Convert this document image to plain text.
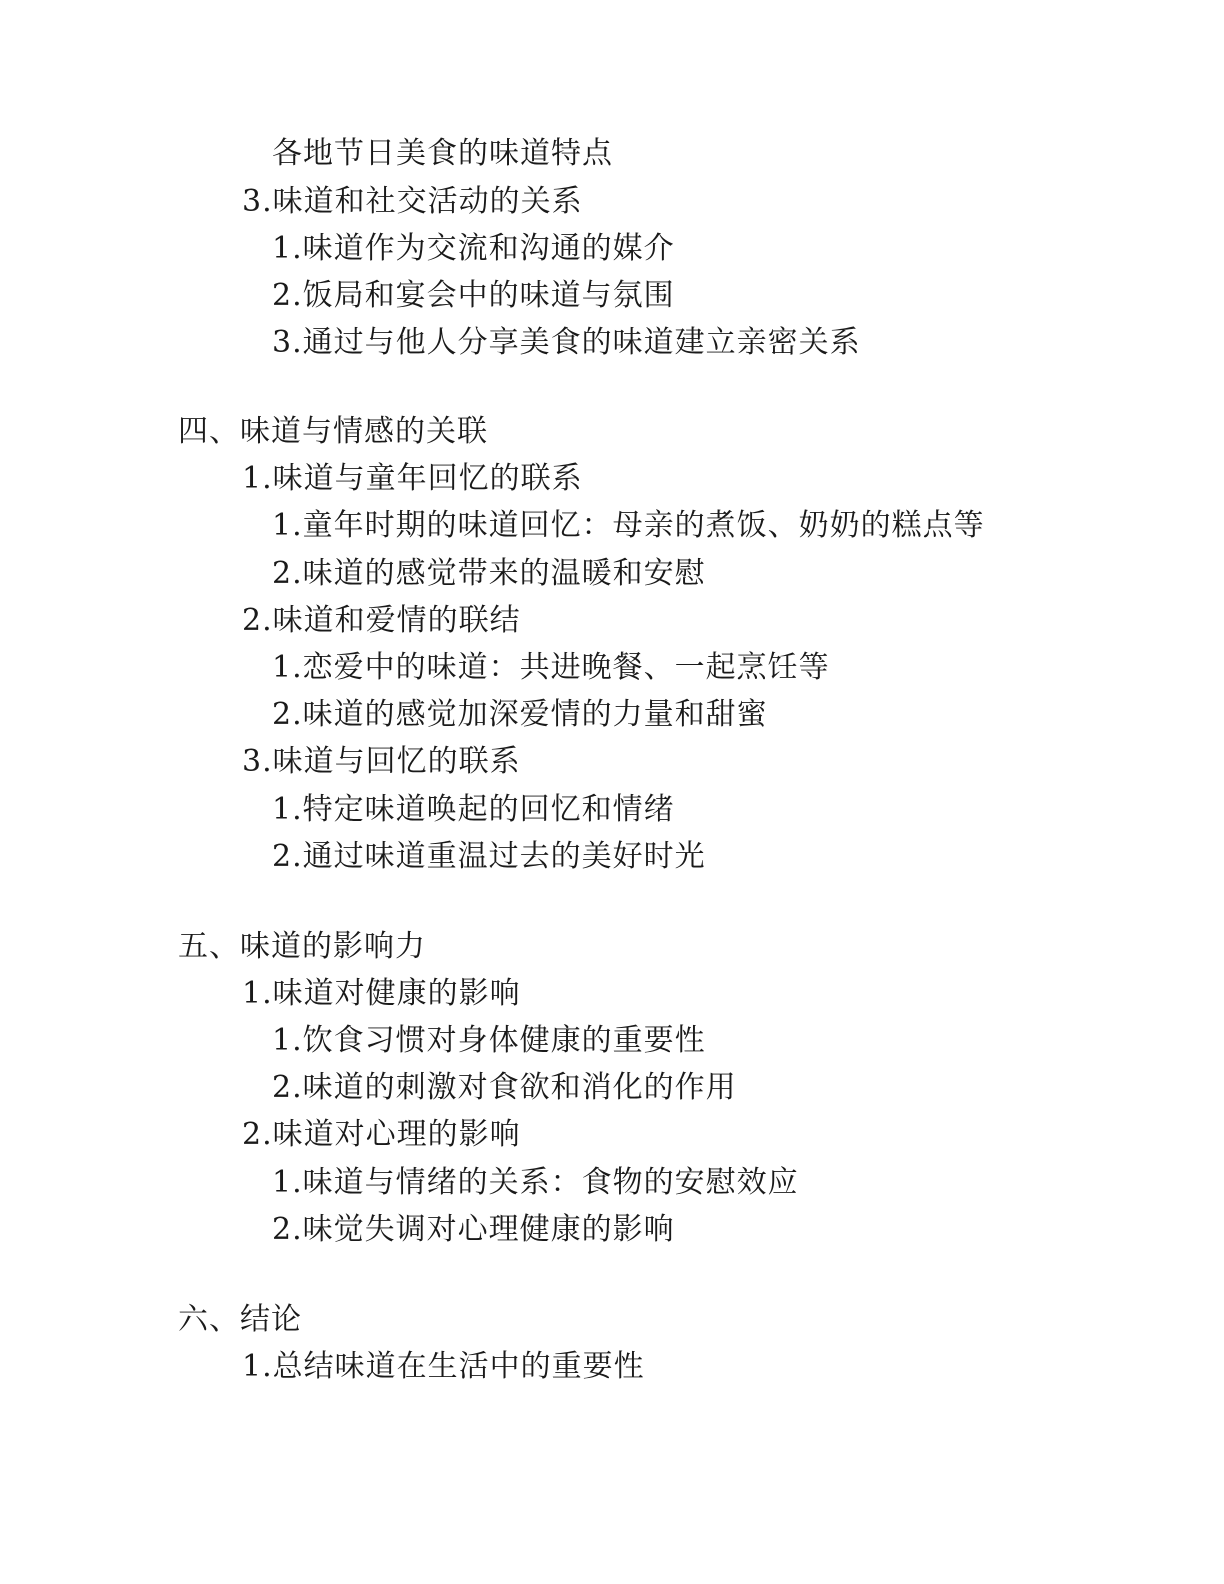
各地节日美食的味道特点
3.味道和社交活动的关系
1.味道作为交流和沟通的媒介
2.饭局和宴会中的味道与氛围
3.通过与他人分享美食的味道建立亲密关系
四、味道与情感的关联
1.味道与童年回忆的联系
1.童年时期的味道回忆：母亲的煮饭、奶奶的糕点等
2.味道的感觉带来的温暖和安慰
2.味道和爱情的联结
1.恋爱中的味道：共进晚餐、一起烹饪等
2.味道的感觉加深爱情的力量和甜蜜
3.味道与回忆的联系
1.特定味道唤起的回忆和情绪
2.通过味道重温过去的美好时光
五、味道的影响力
1.味道对健康的影响
1.饮食习惯对身体健康的重要性
2.味道的刺激对食欲和消化的作用
2.味道对心理的影响
1.味道与情绪的关系：食物的安慰效应
2.味觉失调对心理健康的影响
六、结论
1.总结味道在生活中的重要性
